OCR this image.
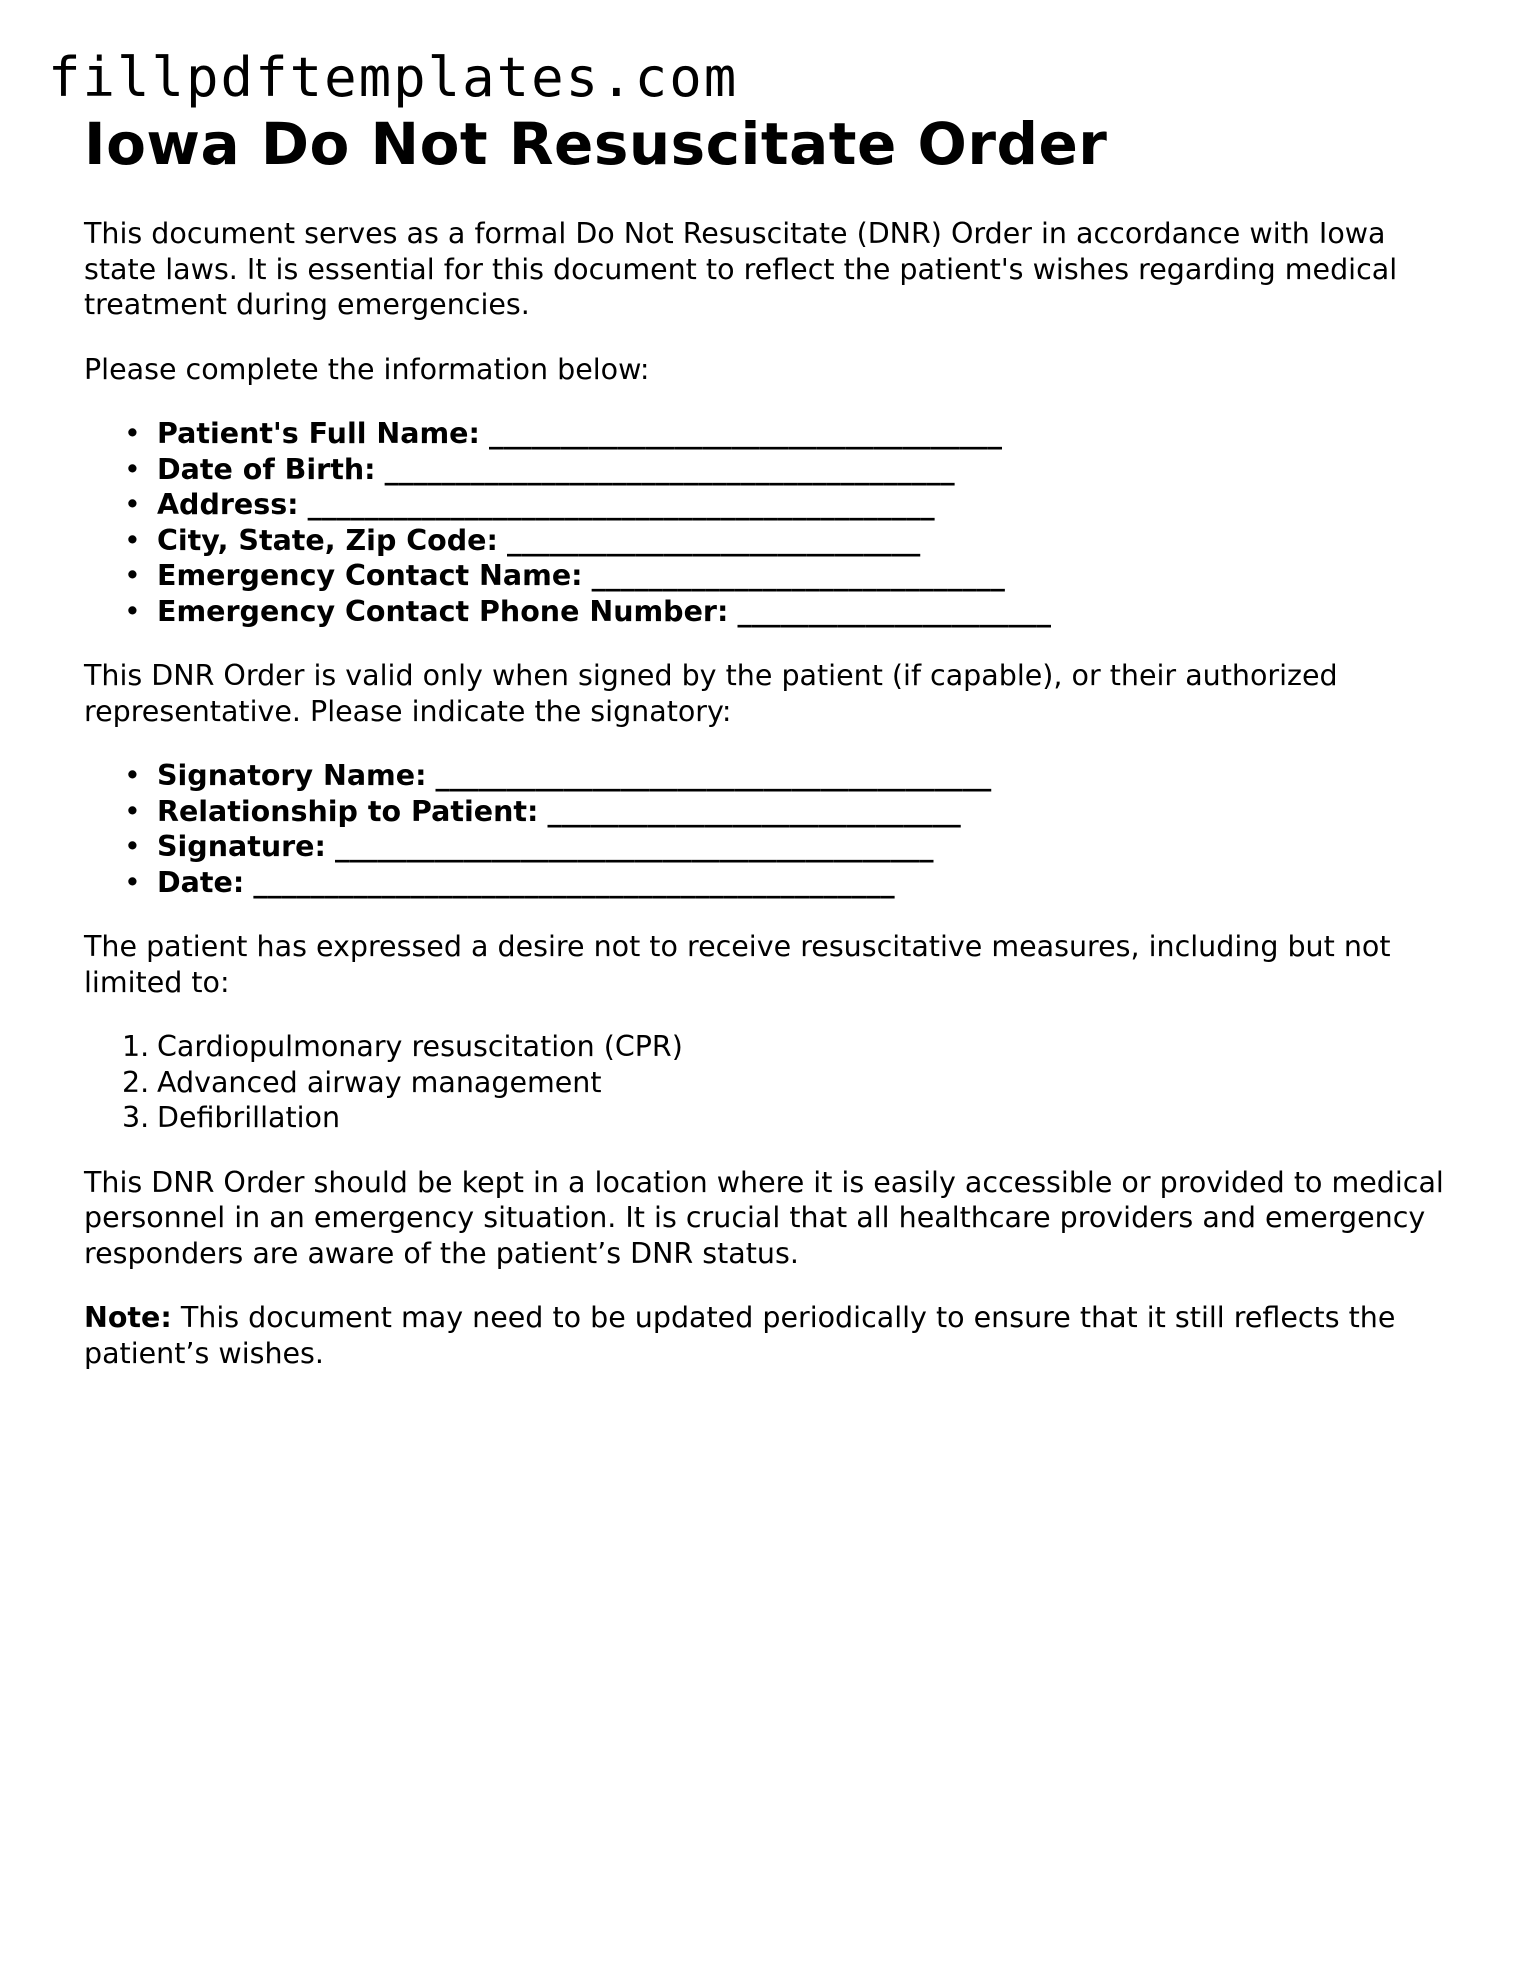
fillpdftemplates.com
Iowa Do Not Resuscitate Order

This document serves as a formal Do Not Resuscitate (DNR) Order in accordance with Iowa state laws. It is essential for this document to reflect the patient's wishes regarding medical treatment during emergencies.

Please complete the information below:

• Patient's Full Name: ____________________________________
• Date of Birth: ________________________________________
• Address: ____________________________________________
• City, State, Zip Code: _____________________________
• Emergency Contact Name: _____________________________
• Emergency Contact Phone Number: ______________________

This DNR Order is valid only when signed by the patient (if capable), or their authorized representative. Please indicate the signatory:

• Signatory Name: _______________________________________
• Relationship to Patient: _____________________________
• Signature: __________________________________________
• Date: _____________________________________________

The patient has expressed a desire not to receive resuscitative measures, including but not limited to:

1. Cardiopulmonary resuscitation (CPR)
2. Advanced airway management
3. Defibrillation

This DNR Order should be kept in a location where it is easily accessible or provided to medical personnel in an emergency situation. It is crucial that all healthcare providers and emergency responders are aware of the patient’s DNR status.

Note: This document may need to be updated periodically to ensure that it still reflects the patient’s wishes.
